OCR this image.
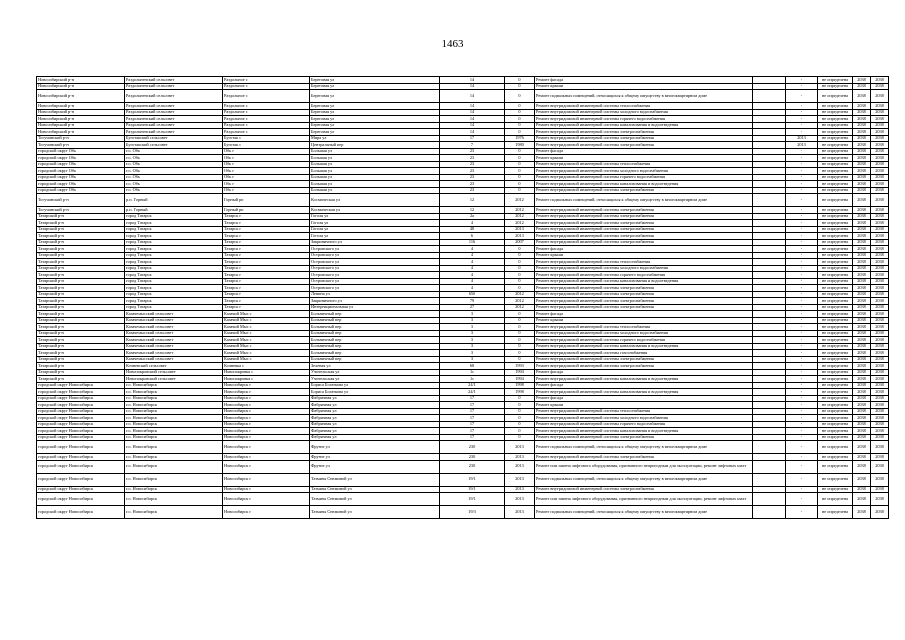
1463
Новосибирский р-н	Раздольненский сельсовет	Раздольное с	Береговая ул	14	0	Ремонт фасада		-	не определена	2038	2038
Новосибирский р-н	Раздольненский сельсовет	Раздольное с	Береговая ул	14	0	Ремонт крыши		-	не определена	2038	2038
Новосибирский р-н	Раздольненский сельсовет	Раздольное с	Береговая ул	14	0	Ремонт подвальных помещений, относящихся к общему имуществу в многоквартирном доме		-	не определена	2038	2038
Новосибирский р-н	Раздольненский сельсовет	Раздольное с	Береговая ул	14	0	Ремонт внутридомовой инженерной системы теплоснабжения		-	не определена	2038	2038
Новосибирский р-н	Раздольненский сельсовет	Раздольное с	Береговая ул	14	0	Ремонт внутридомовой инженерной системы холодного водоснабжения		-	не определена	2038	2038
Новосибирский р-н	Раздольненский сельсовет	Раздольное с	Береговая ул	14	0	Ремонт внутридомовой инженерной системы горячего водоснабжения		-	не определена	2038	2038
Новосибирский р-н	Раздольненский сельсовет	Раздольное с	Береговая ул	14	0	Ремонт внутридомовой инженерной системы канализования и водоотведения		-	не определена	2038	2038
Новосибирский р-н	Раздольненский сельсовет	Раздольное с	Береговая ул	14	0	Ремонт внутридомовой инженерной системы электроснабжения		-	не определена	2038	2038
Тогучинский р-н	Буготакский сельсовет	Буготак с	Мира ул	17	1976	Ремонт внутридомовой инженерной системы электроснабжения		2013	не определена	2038	2038
Тогучинский р-н	Буготакский сельсовет	Буготак с	Центральный пер	7	1980	Ремонт внутридомовой инженерной системы электроснабжения		2013	не определена	2038	2038
городской округ Обь	г.о. Обь	Обь г	Большая ул	23	0	Ремонт фасада		-	не определена	2038	2038
городской округ Обь	г.о. Обь	Обь г	Большая ул	23	0	Ремонт крыши		-	не определена	2038	2038
городской округ Обь	г.о. Обь	Обь г	Большая ул	23	0	Ремонт внутридомовой инженерной системы теплоснабжения		-	не определена	2038	2038
городской округ Обь	г.о. Обь	Обь г	Большая ул	23	0	Ремонт внутридомовой инженерной системы холодного водоснабжения		-	не определена	2038	2038
городской округ Обь	г.о. Обь	Обь г	Большая ул	23	0	Ремонт внутридомовой инженерной системы горячего водоснабжения		-	не определена	2038	2038
городской округ Обь	г.о. Обь	Обь г	Большая ул	23	0	Ремонт внутридомовой инженерной системы канализования и водоотведения		-	не определена	2038	2038
городской округ Обь	г.о. Обь	Обь г	Большая ул	23	0	Ремонт внутридомовой инженерной системы электроснабжения		-	не определена	2038	2038
Тогучинский р-н	р.п. Горный	Горный рп	Космическая ул	12	2012	Ремонт подвальных помещений, относящихся к общему имуществу в многоквартирном доме		-	не определена	2038	2038
Тогучинский р-н	р.п. Горный	Горный рп	Космическая ул	12	2012	Ремонт внутридомовой инженерной системы электроснабжения		-	не определена	2038	2038
Татарский р-н	город Татарск	Татарск г	Гоголя ул	2а	2012	Ремонт внутридомовой инженерной системы электроснабжения		-	не определена	2038	2038
Татарский р-н	город Татарск	Татарск г	Гоголя ул	4	2012	Ремонт внутридомовой инженерной системы электроснабжения		-	не определена	2038	2038
Татарский р-н	город Татарск	Татарск г	Гоголя ул	48	2013	Ремонт внутридомовой инженерной системы электроснабжения		-	не определена	2038	2038
Татарский р-н	город Татарск	Татарск г	Гоголя ул	6	2013	Ремонт внутридомовой инженерной системы электроснабжения		-	не определена	2038	2038
Татарский р-н	город Татарск	Татарск г	Закриничного ул	116	2007	Ремонт внутридомовой инженерной системы электроснабжения		-	не определена	2038	2038
Татарский р-н	город Татарск	Татарск г	Островского ул	4	0	Ремонт фасада		-	не определена	2038	2038
Татарский р-н	город Татарск	Татарск г	Островского ул	4	0	Ремонт крыши		-	не определена	2038	2038
Татарский р-н	город Татарск	Татарск г	Островского ул	4	0	Ремонт внутридомовой инженерной системы теплоснабжения		-	не определена	2038	2038
Татарский р-н	город Татарск	Татарск г	Островского ул	4	0	Ремонт внутридомовой инженерной системы холодного водоснабжения		-	не определена	2038	2038
Татарский р-н	город Татарск	Татарск г	Островского ул	4	0	Ремонт внутридомовой инженерной системы горячего водоснабжения		-	не определена	2038	2038
Татарский р-н	город Татарск	Татарск г	Островского ул	4	0	Ремонт внутридомовой инженерной системы канализования и водоотведения		-	не определена	2038	2038
Татарский р-н	город Татарск	Татарск г	Островского ул	4	0	Ремонт внутридомовой инженерной системы электроснабжения		-	не определена	2038	2038
Татарский р-н	город Татарск	Татарск г	Ленина ул	65б	2012	Ремонт внутридомовой инженерной системы электроснабжения		-	не определена	2038	2038
Татарский р-н	город Татарск	Татарск г	Закриничного ул	79	2012	Ремонт внутридомовой инженерной системы электроснабжения		-	не определена	2038	2038
Татарский р-н	город Татарск	Татарск г	Интернациональная ул	27	2012	Ремонт внутридомовой инженерной системы электроснабжения		-	не определена	2038	2038
Татарский р-н	Казачемысский сельсовет	Казачий Мыс с	Больничный пер	3	0	Ремонт фасада		-	не определена	2038	2038
Татарский р-н	Казачемысский сельсовет	Казачий Мыс с	Больничный пер	3	0	Ремонт крыши		-	не определена	2038	2038
Татарский р-н	Казачемысский сельсовет	Казачий Мыс с	Больничный пер	3	0	Ремонт внутридомовой инженерной системы теплоснабжения		-	не определена	2038	2038
Татарский р-н	Казачемысский сельсовет	Казачий Мыс с	Больничный пер	3	0	Ремонт внутридомовой инженерной системы холодного водоснабжения		-	не определена	2038	2038
Татарский р-н	Казачемысский сельсовет	Казачий Мыс с	Больничный пер	3	0	Ремонт внутридомовой инженерной системы горячего водоснабжения		-	не определена	2038	2038
Татарский р-н	Казачемысский сельсовет	Казачий Мыс с	Больничный пер	3	0	Ремонт внутридомовой инженерной системы канализования и водоотведения		-	не определена	2038	2038
Татарский р-н	Казачемысский сельсовет	Казачий Мыс с	Больничный пер	3	0	Ремонт внутридомовой инженерной системы газоснабжения		-	не определена	2038	2038
Татарский р-н	Казачемысский сельсовет	Казачий Мыс с	Больничный пер	3	0	Ремонт внутридомовой инженерной системы электроснабжения		-	не определена	2038	2038
Татарский р-н	Кочневский сельсовет	Кочневка с	Зеленая ул	68	1993	Ремонт внутридомовой инженерной системы электроснабжения		-	не определена	2038	2038
Татарский р-н	Новопокровский сельсовет	Новопокровка с	Учительская ул	1с	1994	Ремонт фасада		-	не определена	2038	2038
Татарский р-н	Новопокровский сельсовет	Новопокровка с	Учительская ул	1с	1994	Ремонт внутридомовой инженерной системы канализования и водоотведения		-	не определена	2038	2038
городской округ Новосибирск	г.о. Новосибирск	Новосибирск г	Бориса Богаткова ул	24/1	1998	Ремонт фасада		-	не определена	2038	2038
городской округ Новосибирск	г.о. Новосибирск	Новосибирск г	Бориса Богаткова ул	24/1	1998	Ремонт внутридомовой инженерной системы канализования и водоотведения		-	не определена	2038	2038
городской округ Новосибирск	г.о. Новосибирск	Новосибирск г	Фабричная ул	17	0	Ремонт фасада		-	не определена	2038	2038
городской округ Новосибирск	г.о. Новосибирск	Новосибирск г	Фабричная ул	17	0	Ремонт крыши		-	не определена	2038	2038
городской округ Новосибирск	г.о. Новосибирск	Новосибирск г	Фабричная ул	17	0	Ремонт внутридомовой инженерной системы теплоснабжения		-	не определена	2038	2038
городской округ Новосибирск	г.о. Новосибирск	Новосибирск г	Фабричная ул	17	0	Ремонт внутридомовой инженерной системы холодного водоснабжения		-	не определена	2038	2038
городской округ Новосибирск	г.о. Новосибирск	Новосибирск г	Фабричная ул	17	0	Ремонт внутридомовой инженерной системы горячего водоснабжения		-	не определена	2038	2038
городской округ Новосибирск	г.о. Новосибирск	Новосибирск г	Фабричная ул	17	0	Ремонт внутридомовой инженерной системы канализования и водоотведения		-	не определена	2038	2038
городской округ Новосибирск	г.о. Новосибирск	Новосибирск г	Фабричная ул	17	0	Ремонт внутридомовой инженерной системы электроснабжения		-	не определена	2038	2038
городской округ Новосибирск	г.о. Новосибирск	Новосибирск г	Фрунзе ул	230	2013	Ремонт подвальных помещений, относящихся к общему имуществу в многоквартирном доме		-	не определена	2038	2038
городской округ Новосибирск	г.о. Новосибирск	Новосибирск г	Фрунзе ул	230	2013	Ремонт внутридомовой инженерной системы электроснабжения		-	не определена	2038	2038
городской округ Новосибирск	г.о. Новосибирск	Новосибирск г	Фрунзе ул	230	2013	Ремонт или замена лифтового оборудования, признанного непригодным для эксплуатации, ремонт лифтовых шахт		-	не определена	2038	2038
городской округ Новосибирск	г.о. Новосибирск	Новосибирск г	Татьяны Снежиной ул	19/1	2013	Ремонт подвальных помещений, относящихся к общему имуществу в многоквартирном доме		-	не определена	2038	2038
городской округ Новосибирск	г.о. Новосибирск	Новосибирск г	Татьяны Снежиной ул	19/1	2013	Ремонт внутридомовой инженерной системы электроснабжения		-	не определена	2038	2038
городской округ Новосибирск	г.о. Новосибирск	Новосибирск г	Татьяны Снежиной ул	19/1	2013	Ремонт или замена лифтового оборудования, признанного непригодным для эксплуатации, ремонт лифтовых шахт		-	не определена	2038	2038
городской округ Новосибирск	г.о. Новосибирск	Новосибирск г	Татьяны Снежиной ул	19/3	2013	Ремонт подвальных помещений, относящихся к общему имуществу в многоквартирном доме		-	не определена	2038	2038
